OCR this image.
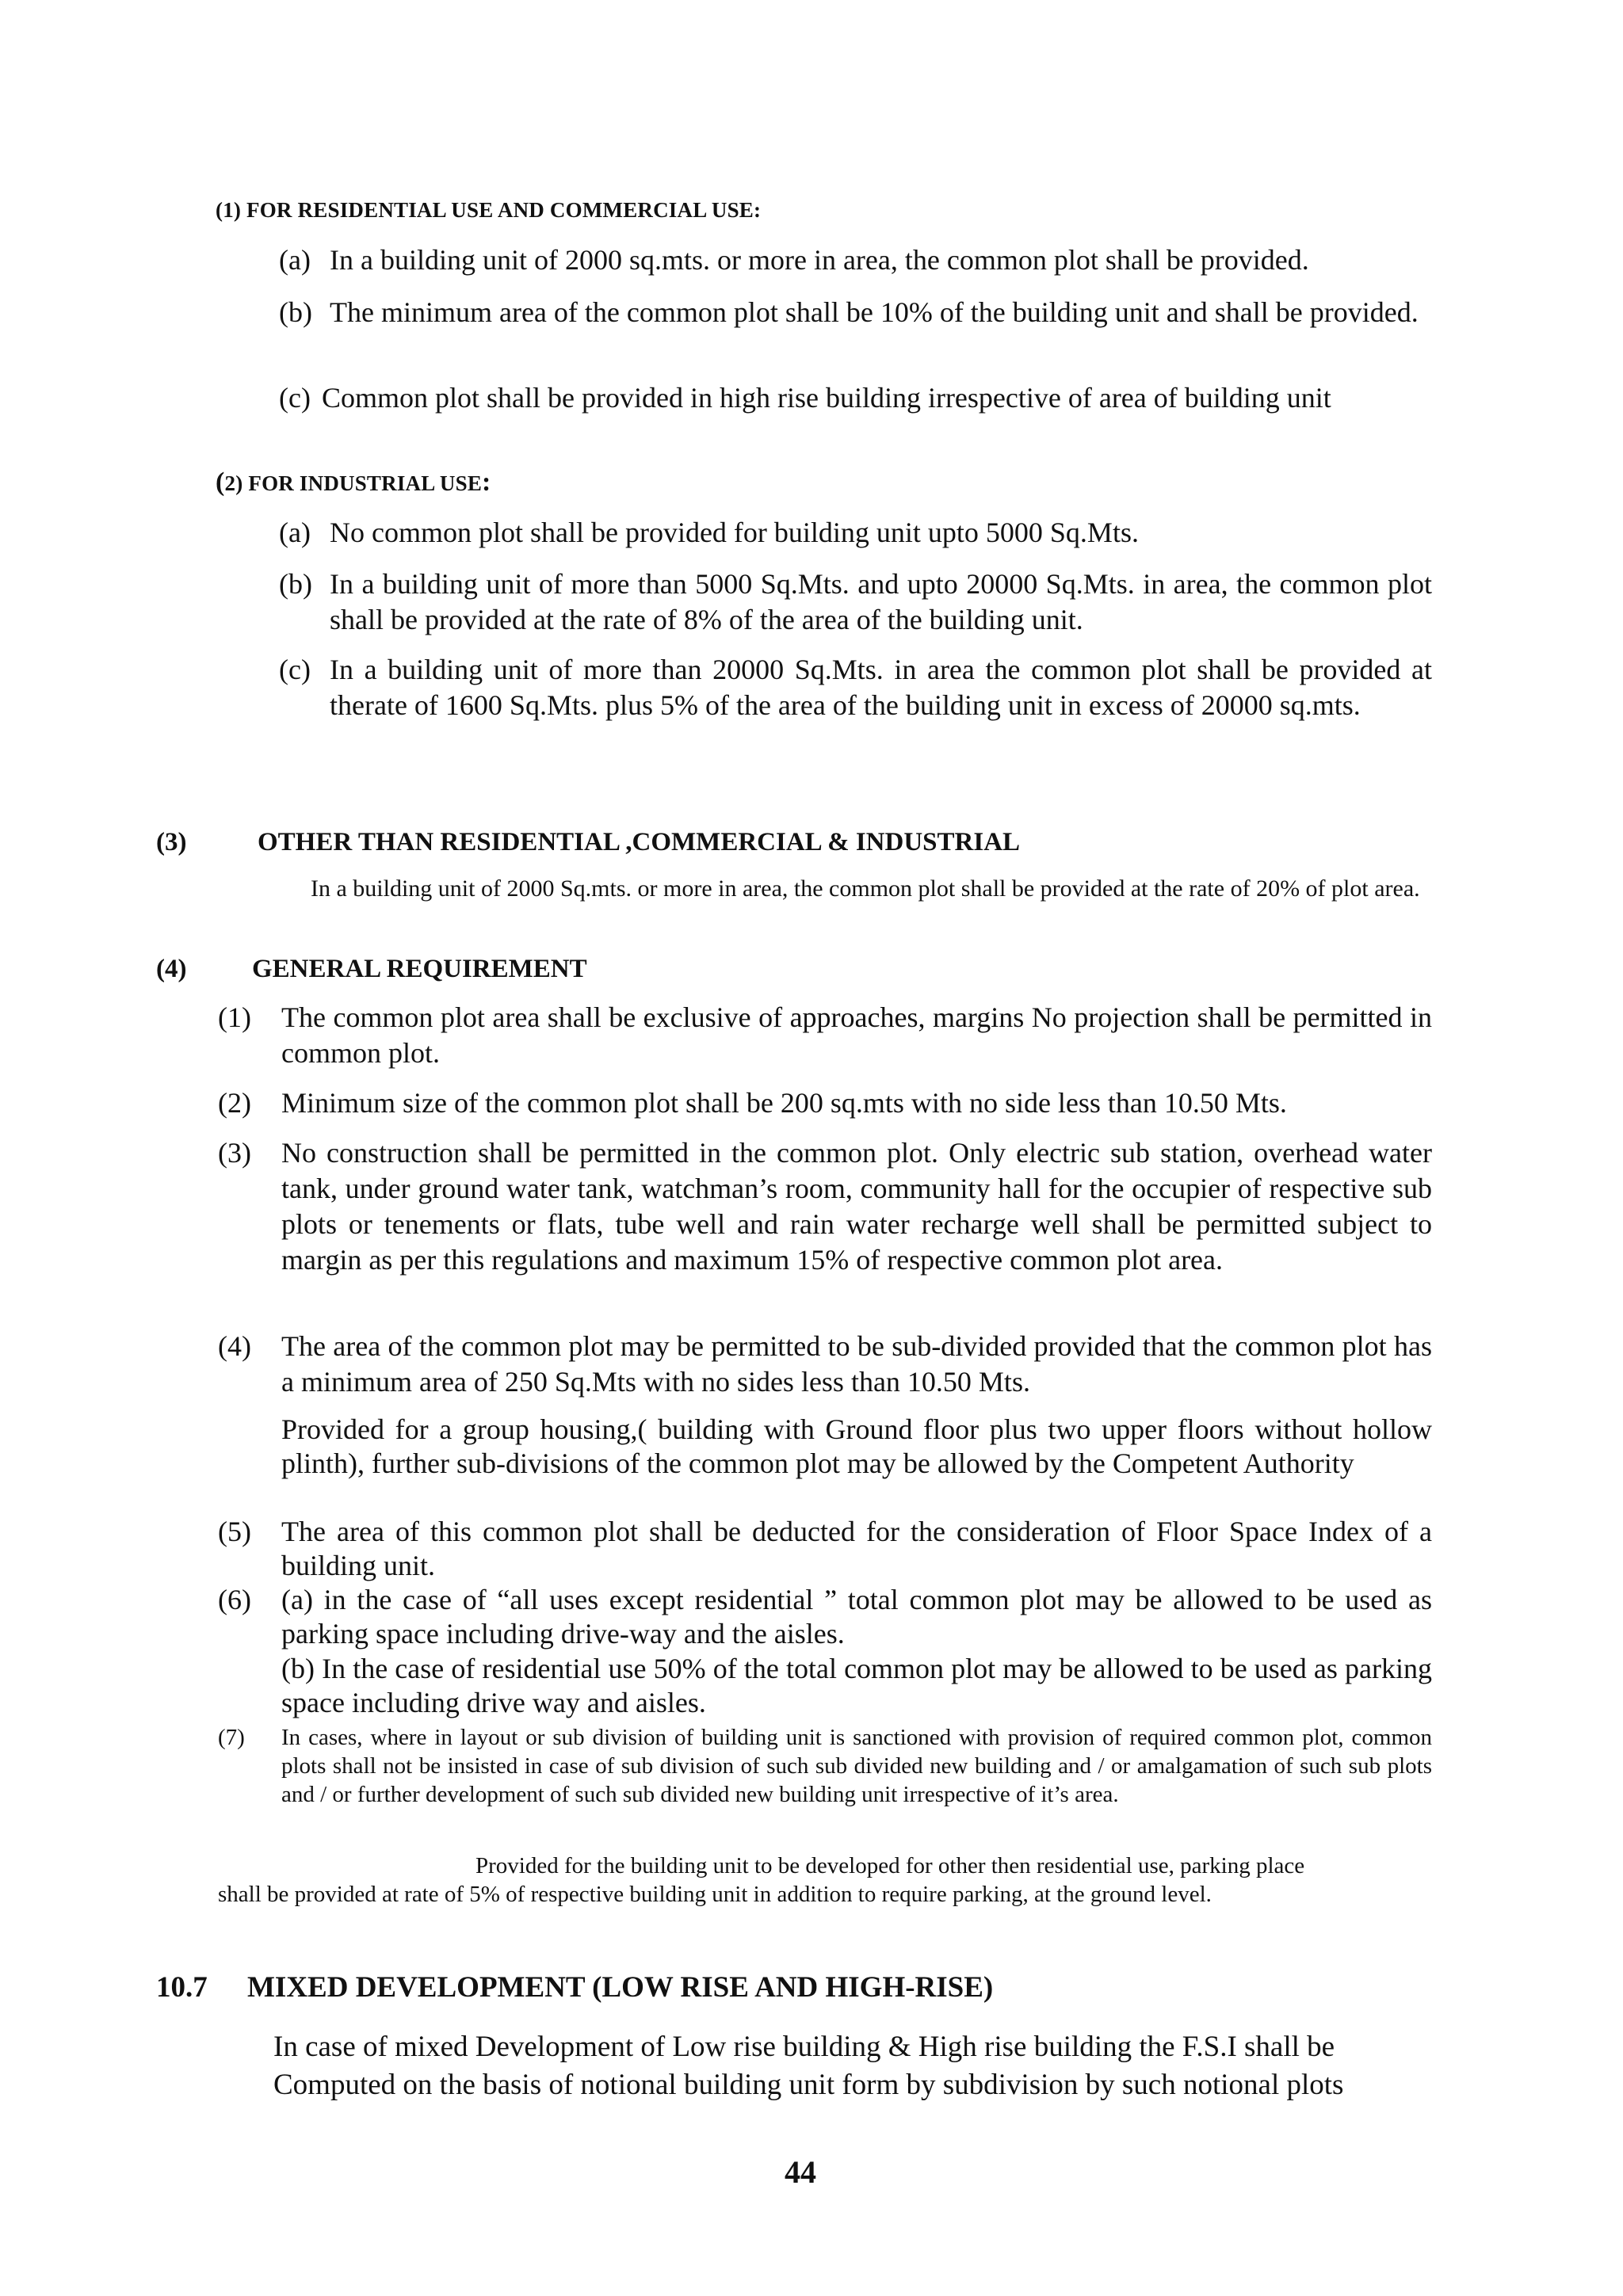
(1) FOR RESIDENTIAL USE AND COMMERCIAL USE:
(a) In a building unit of 2000 sq.mts. or more in area, the common plot shall be provided.
(b) The minimum area of the common plot shall be 10% of the building unit and shall be provided.
(c) Common plot shall be provided in high rise building irrespective of area of building unit
(2) FOR INDUSTRIAL USE:
(a) No common plot shall be provided for building unit upto 5000 Sq.Mts.
(b) In a building unit of more than 5000 Sq.Mts. and upto 20000 Sq.Mts. in area, the common plot shall be provided at the rate of 8% of the area of the building unit.
(c) In a building unit of more than 20000 Sq.Mts. in area the common plot shall be provided at therate of 1600 Sq.Mts. plus 5% of the area of the building unit in excess of 20000 sq.mts.
(3)	OTHER THAN RESIDENTIAL ,COMMERCIAL & INDUSTRIAL
In a building unit of 2000 Sq.mts. or more in area, the common plot shall be provided at the rate of 20% of plot area.
(4)	GENERAL REQUIREMENT
(1)	The common plot area shall be exclusive of approaches, margins No projection shall be permitted in common plot.
(2)	Minimum size of the common plot shall be 200 sq.mts with no side less than 10.50 Mts.
(3)	No construction shall be permitted in the common plot. Only electric sub station, overhead water tank, under ground water tank, watchman’s room, community hall for the occupier of respective sub plots or tenements or flats, tube well and rain water recharge well shall be permitted subject to margin as per this regulations and maximum 15% of respective common plot area.
(4)	The area of the common plot may be permitted to be sub-divided provided that the common plot has a minimum area of 250 Sq.Mts with no sides less than 10.50 Mts.
Provided for a group housing,( building with Ground floor plus two upper floors without hollow plinth), further sub-divisions of the common plot may be allowed by the Competent Authority
(5)	The area of this common plot shall be deducted for the consideration of Floor Space Index of a building unit.
(6)	(a) in the case of “all uses except residential ” total common plot may be allowed to be used as parking space including drive-way and the aisles.
(b) In the case of residential use 50% of the total common plot may be allowed to be used as parking space including drive way and aisles.
(7) In cases, where in layout or sub division of building unit is sanctioned with provision of required common plot, common plots shall not be insisted in case of sub division of such sub divided new building and / or amalgamation of such sub plots and / or further development of such sub divided new building unit irrespective of it’s area.
Provided for the building unit to be developed for other then residential use, parking place
shall be provided at rate of 5% of respective building unit in addition to require parking, at the ground level.
10.7 MIXED DEVELOPMENT (LOW RISE AND HIGH-RISE)
In case of mixed Development of Low rise building & High rise building the F.S.I shall be
Computed on the basis of notional building unit form by subdivision by such notional plots
44
